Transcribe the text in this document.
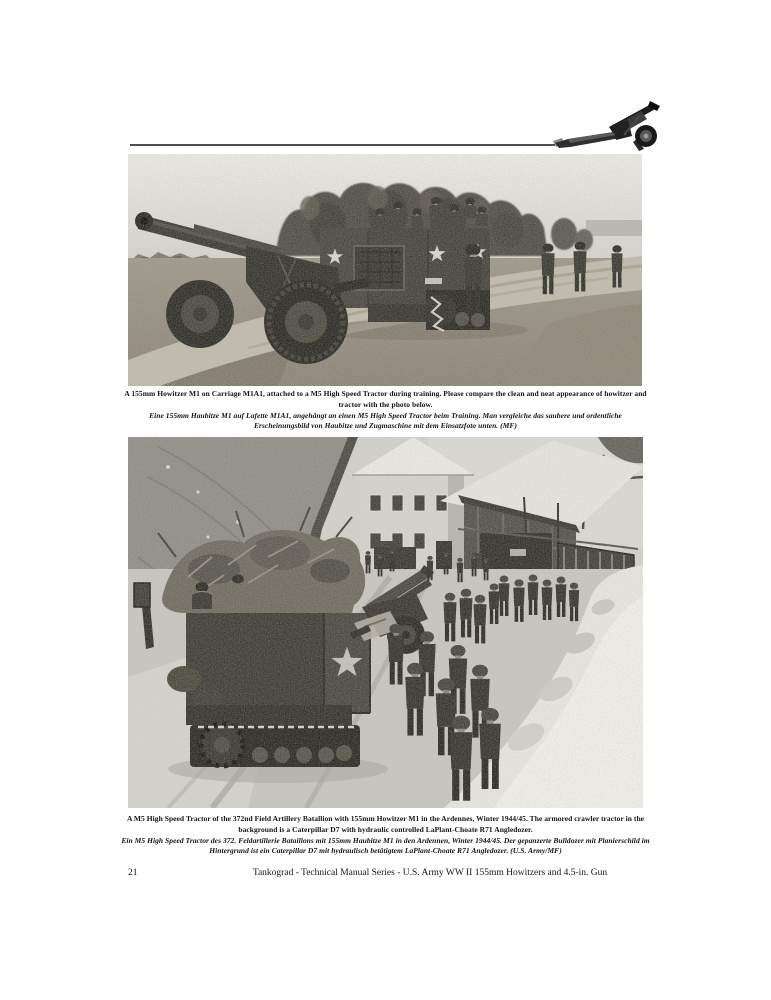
A 155mm Howitzer M1 on Carriage M1A1, attached to a M5 High Speed Tractor during training. Please compare the clean and neat appearance of howitzer and tractor with the photo below.

Eine 155mm Haubitze M1 auf Lafette M1A1, angehängt an einen M5 High Speed Tractor beim Training. Man vergleiche das saubere und ordentliche Erscheinungsbild von Haubitze und Zugmaschine mit dem Einsatzfoto unten. (MF)

A M5 High Speed Tractor of the 372nd Field Artillery Batallion with 155mm Howitzer M1 in the Ardennes, Winter 1944/45. The armored crawler tractor in the background is a Caterpillar D7 with hydraulic controlled LaPlant-Choate R71 Angledozer.

Ein M5 High Speed Tractor des 372. Feldartillerie Bataillons mit 155mm Haubitze M1 in den Ardennen, Winter 1944/45. Der gepanzerte Bulldozer mit Planierschild im Hintergrund ist ein Caterpillar D7 mit hydraulisch betätigtem LaPlant-Choate R71 Angledozer. (U.S. Army/MF)

21	Tankograd - Technical Manual Series - U.S. Army WW II 155mm Howitzers and 4.5-in. Gun
